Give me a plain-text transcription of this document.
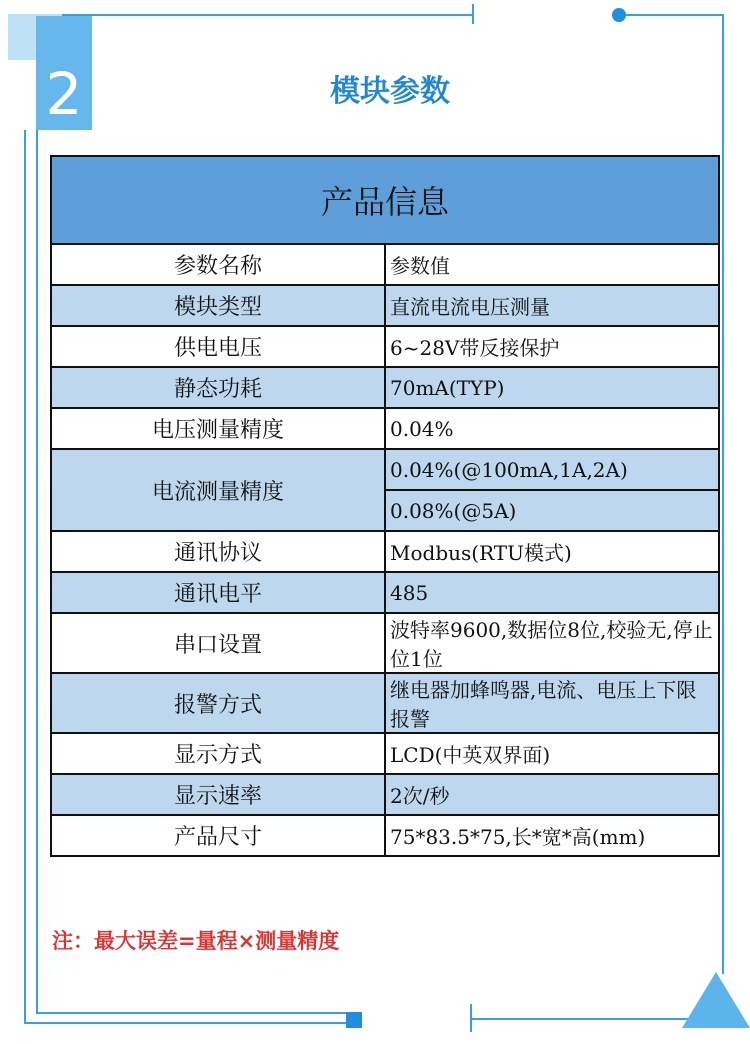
2	模块参数
产品信息	
参数名称	参数值
模块类型	直流电流电压测量
供电电压	6~28V带反接保护
静态功耗	70mA(TYP)
电压测量精度	0.04%
电流测量精度	0.04%(@100mA,1A,2A)
	0.08%(@5A)
通讯协议	Modbus(RTU模式)
通讯电平	485
串口设置	波特率9600,数据位8位,校验无,停止位1位
报警方式	继电器加蜂鸣器,电流、电压上下限报警
显示方式	LCD(中英双界面)
显示速率	2次/秒
产品尺寸	75*83.5*75,长*宽*高(mm)
注：最大误差=量程×测量精度
